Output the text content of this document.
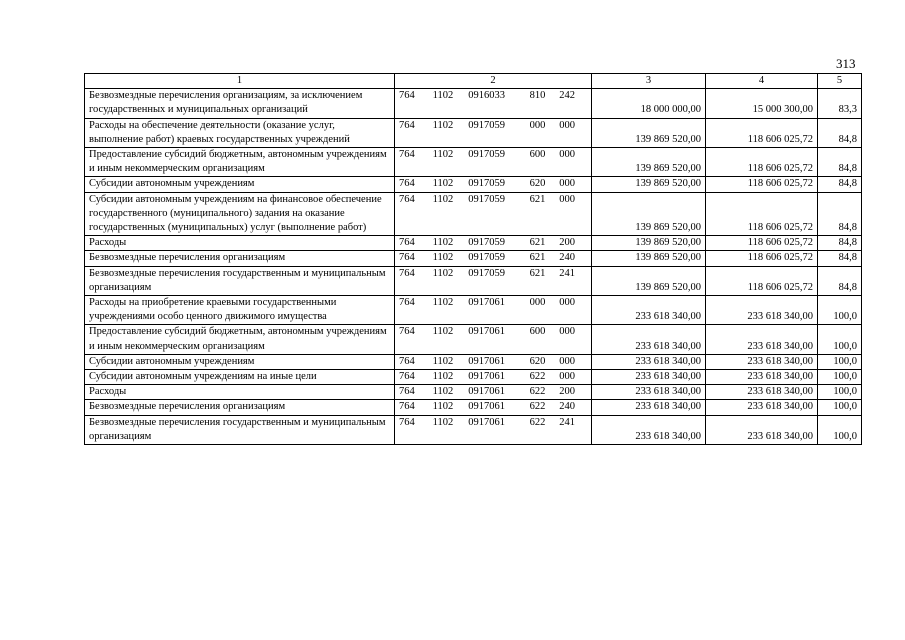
313
1	2	3	4	5
Безвозмездные перечисления организациям, за исключением государственных и муниципальных организаций	764 1102 0916033 810 242	18 000 000,00	15 000 300,00	83,3
Расходы на обеспечение деятельности (оказание услуг, выполнение работ) краевых государственных учреждений	764 1102 0917059 000 000	139 869 520,00	118 606 025,72	84,8
Предоставление субсидий бюджетным, автономным учреждениям и иным некоммерческим организациям	764 1102 0917059 600 000	139 869 520,00	118 606 025,72	84,8
Субсидии автономным учреждениям	764 1102 0917059 620 000	139 869 520,00	118 606 025,72	84,8
Субсидии автономным учреждениям на финансовое обеспечение государственного (муниципального) задания на оказание государственных (муниципальных) услуг (выполнение работ)	764 1102 0917059 621 000	139 869 520,00	118 606 025,72	84,8
Расходы	764 1102 0917059 621 200	139 869 520,00	118 606 025,72	84,8
Безвозмездные перечисления организациям	764 1102 0917059 621 240	139 869 520,00	118 606 025,72	84,8
Безвозмездные перечисления государственным и муниципальным организациям	764 1102 0917059 621 241	139 869 520,00	118 606 025,72	84,8
Расходы на приобретение краевыми государственными учреждениями особо ценного движимого имущества	764 1102 0917061 000 000	233 618 340,00	233 618 340,00	100,0
Предоставление субсидий бюджетным, автономным учреждениям и иным некоммерческим организациям	764 1102 0917061 600 000	233 618 340,00	233 618 340,00	100,0
Субсидии автономным учреждениям	764 1102 0917061 620 000	233 618 340,00	233 618 340,00	100,0
Субсидии автономным учреждениям на иные цели	764 1102 0917061 622 000	233 618 340,00	233 618 340,00	100,0
Расходы	764 1102 0917061 622 200	233 618 340,00	233 618 340,00	100,0
Безвозмездные перечисления организациям	764 1102 0917061 622 240	233 618 340,00	233 618 340,00	100,0
Безвозмездные перечисления государственным и муниципальным организациям	764 1102 0917061 622 241	233 618 340,00	233 618 340,00	100,0
